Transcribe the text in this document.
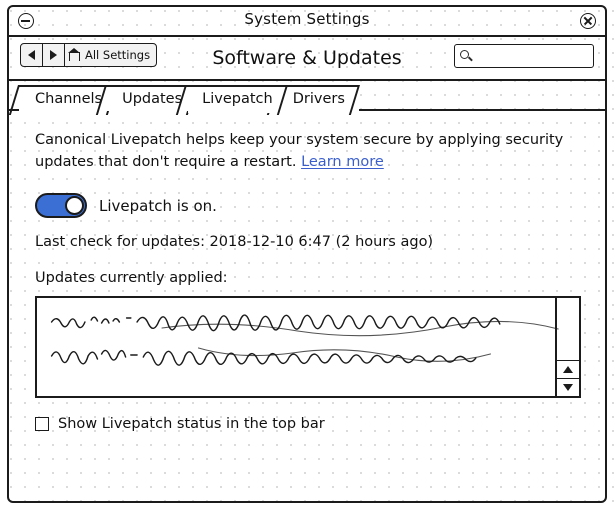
System Settings
All Settings	Software & Updates
Channels	Updates	Livepatch	Drivers
Canonical Livepatch helps keep your system secure by applying security updates that don't require a restart. Learn more
Livepatch is on.
Last check for updates: 2018-12-10 6:47 (2 hours ago)
Updates currently applied:
Show Livepatch status in the top bar
